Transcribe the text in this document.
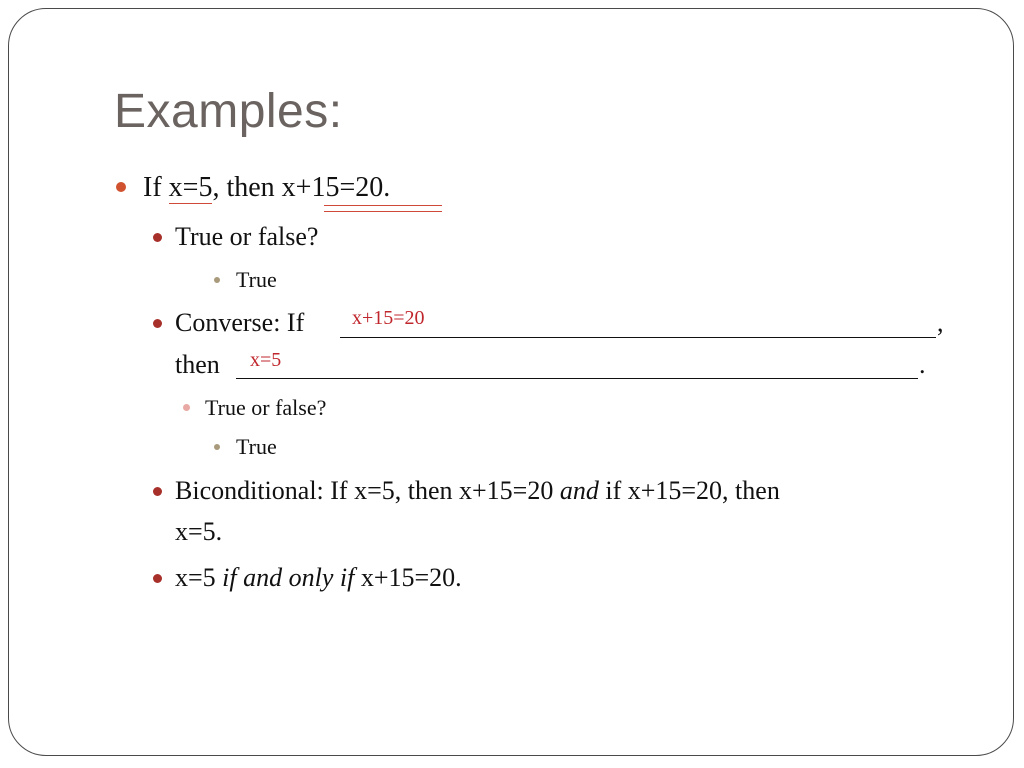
Examples:
If x=5, then x+15=20.
True or false?
True
Converse: If	,
x+15=20
then	.
x=5
True or false?
True
Biconditional: If x=5, then x+15=20 and if x+15=20, then
x=5.
x=5 if and only if x+15=20.
